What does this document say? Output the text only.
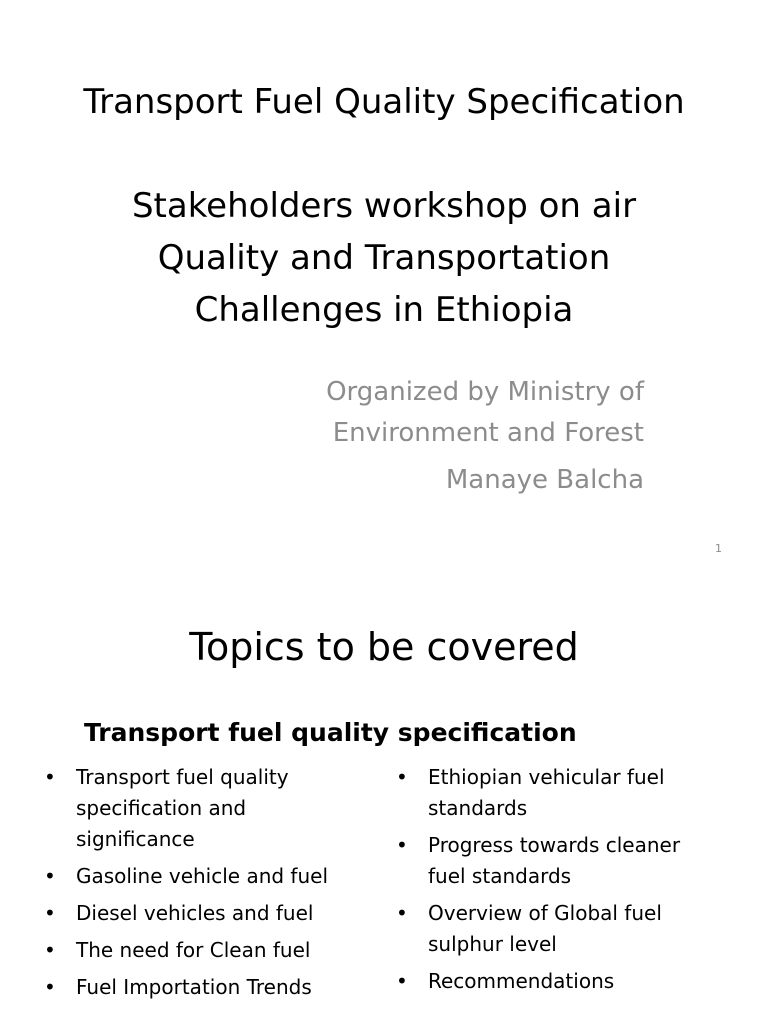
Transport Fuel Quality Specification
Stakeholders workshop on air
Quality and Transportation
Challenges in Ethiopia
Organized by Ministry of
Environment and Forest
Manaye Balcha
1
Topics to be covered
Transport fuel quality specification
•	Transport fuel quality specification and significance
•	Gasoline vehicle and fuel
•	Diesel vehicles and fuel
•	The need for Clean fuel
•	Fuel Importation Trends
•	Ethiopian vehicular fuel standards
•	Progress towards cleaner fuel standards
•	Overview of Global fuel sulphur level
•	Recommendations
